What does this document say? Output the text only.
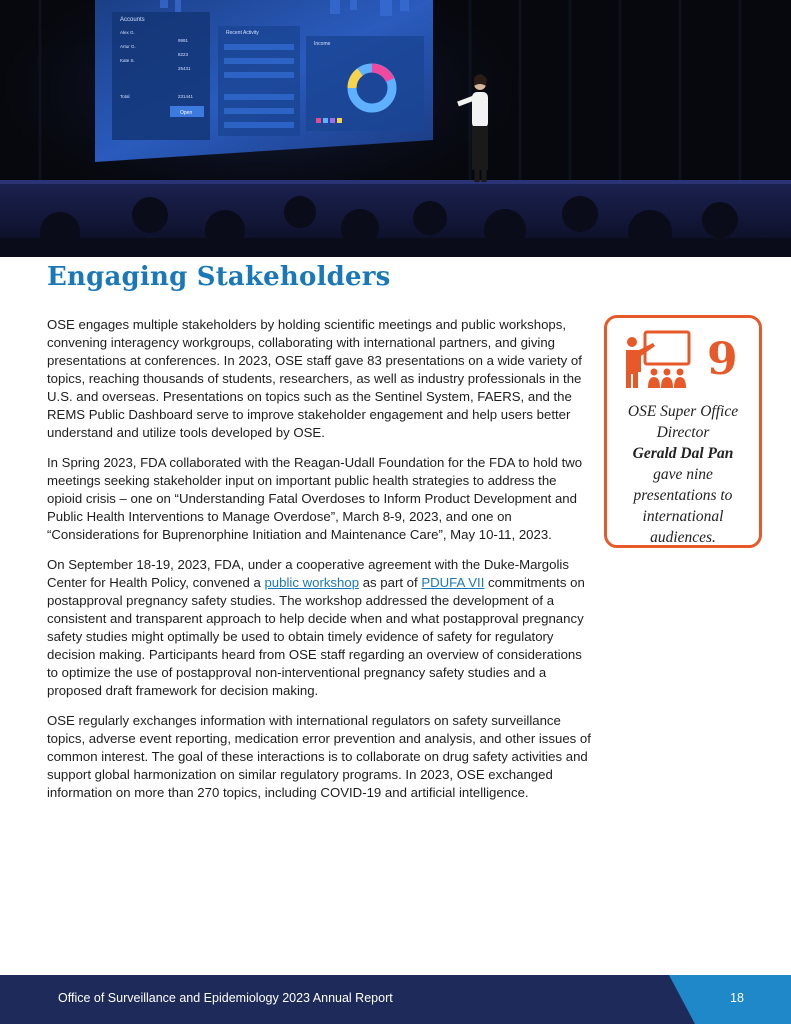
Accounts
Recent Activity
Income
Alex G.
Artur G.
Kate S.
9991
8223
25431
Total	231441
Open
Engaging Stakeholders

OSE engages multiple stakeholders by holding scientific meetings and public workshops, convening interagency workgroups, collaborating with international partners, and giving presentations at conferences. In 2023, OSE staff gave 83 presentations on a wide variety of topics, reaching thousands of students, researchers, as well as industry professionals in the U.S. and overseas. Presentations on topics such as the Sentinel System, FAERS, and the REMS Public Dashboard serve to improve stakeholder engagement and help users better understand and utilize tools developed by OSE.

In Spring 2023, FDA collaborated with the Reagan-Udall Foundation for the FDA to hold two meetings seeking stakeholder input on important public health strategies to address the opioid crisis – one on “Understanding Fatal Overdoses to Inform Product Development and Public Health Interventions to Manage Overdose”, March 8-9, 2023, and one on “Considerations for Buprenorphine Initiation and Maintenance Care”, May 10-11, 2023.

On September 18-19, 2023, FDA, under a cooperative agreement with the Duke-Margolis Center for Health Policy, convened a public workshop as part of PDUFA VII commitments on postapproval pregnancy safety studies. The workshop addressed the development of a consistent and transparent approach to help decide when and what postapproval pregnancy safety studies might optimally be used to obtain timely evidence of safety for regulatory decision making. Participants heard from OSE staff regarding an overview of considerations to optimize the use of postapproval non-interventional pregnancy safety studies and a proposed draft framework for decision making.

OSE regularly exchanges information with international regulators on safety surveillance topics, adverse event reporting, medication error prevention and analysis, and other issues of common interest. The goal of these interactions is to collaborate on drug safety activities and support global harmonization on similar regulatory programs. In 2023, OSE exchanged information on more than 270 topics, including COVID-19 and artificial intelligence.

9
OSE Super Office Director
Gerald Dal Pan
gave nine presentations to international audiences.
Office of Surveillance and Epidemiology 2023 Annual Report	18
